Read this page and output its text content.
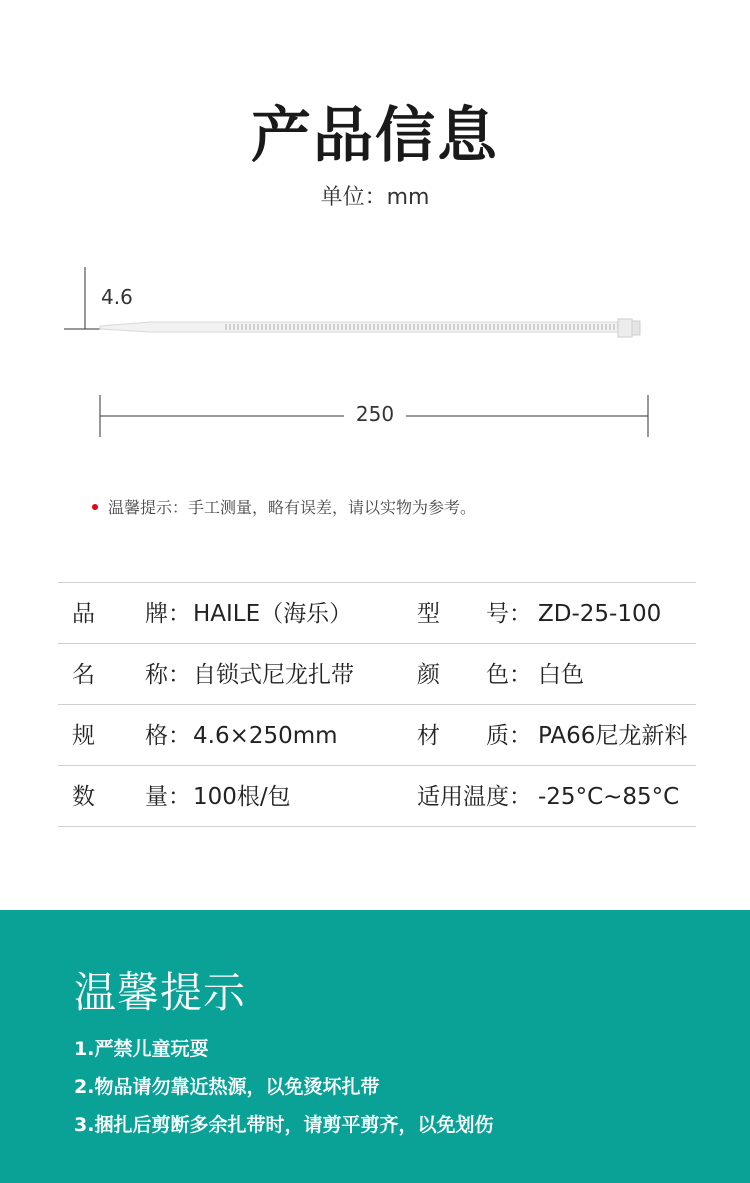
产品信息
单位：mm
4.6
250
温馨提示：手工测量，略有误差，请以实物为参考。
品 牌： HAILE（海乐）	型 号： ZD-25-100
名 称： 自锁式尼龙扎带	颜 色： 白色
规 格： 4.6×250mm	材 质： PA66尼龙新料
数 量： 100根/包	适用温度： -25°C~85°C
温馨提示
1.严禁儿童玩耍
2.物品请勿靠近热源，以免烫坏扎带
3.捆扎后剪断多余扎带时，请剪平剪齐，以免划伤
